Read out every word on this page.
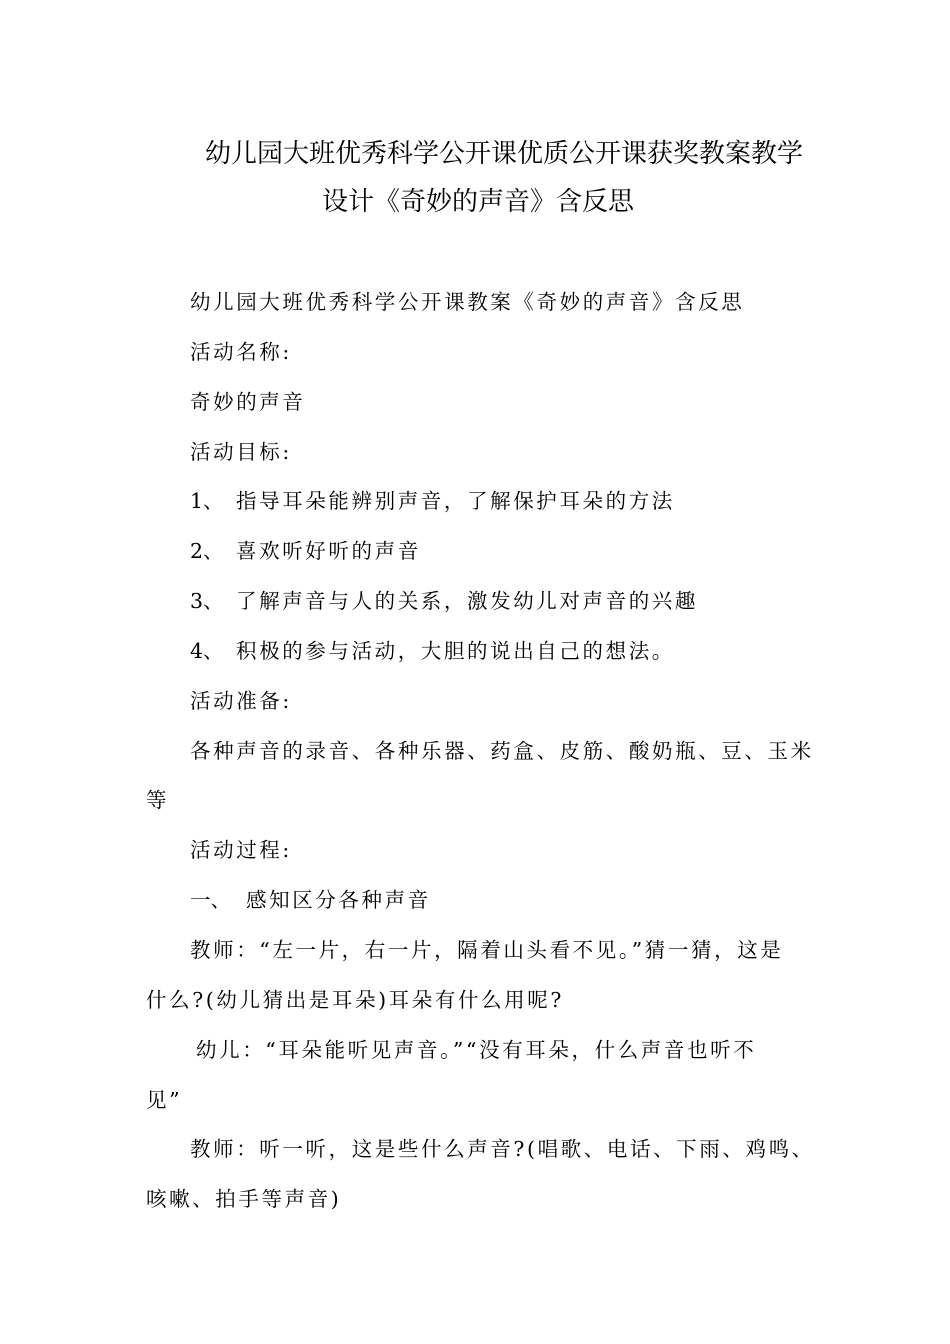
幼儿园大班优秀科学公开课优质公开课获奖教案教学
设计《奇妙的声音》含反思
幼儿园大班优秀科学公开课教案《奇妙的声音》含反思
活动名称:
奇妙的声音
活动目标:
1、 指导耳朵能辨别声音，了解保护耳朵的方法
2、 喜欢听好听的声音
3、 了解声音与人的关系，激发幼儿对声音的兴趣
4、 积极的参与活动，大胆的说出自己的想法。
活动准备:
各种声音的录音、各种乐器、药盒、皮筋、酸奶瓶、豆、玉米
等
活动过程:
一、 感知区分各种声音
教师：“左一片，右一片，隔着山头看不见。”猜一猜，这是
什么?(幼儿猜出是耳朵)耳朵有什么用呢?
幼儿：“耳朵能听见声音。”“没有耳朵，什么声音也听不
见”
教师：听一听，这是些什么声音?(唱歌、电话、下雨、鸡鸣、
咳嗽、拍手等声音)
